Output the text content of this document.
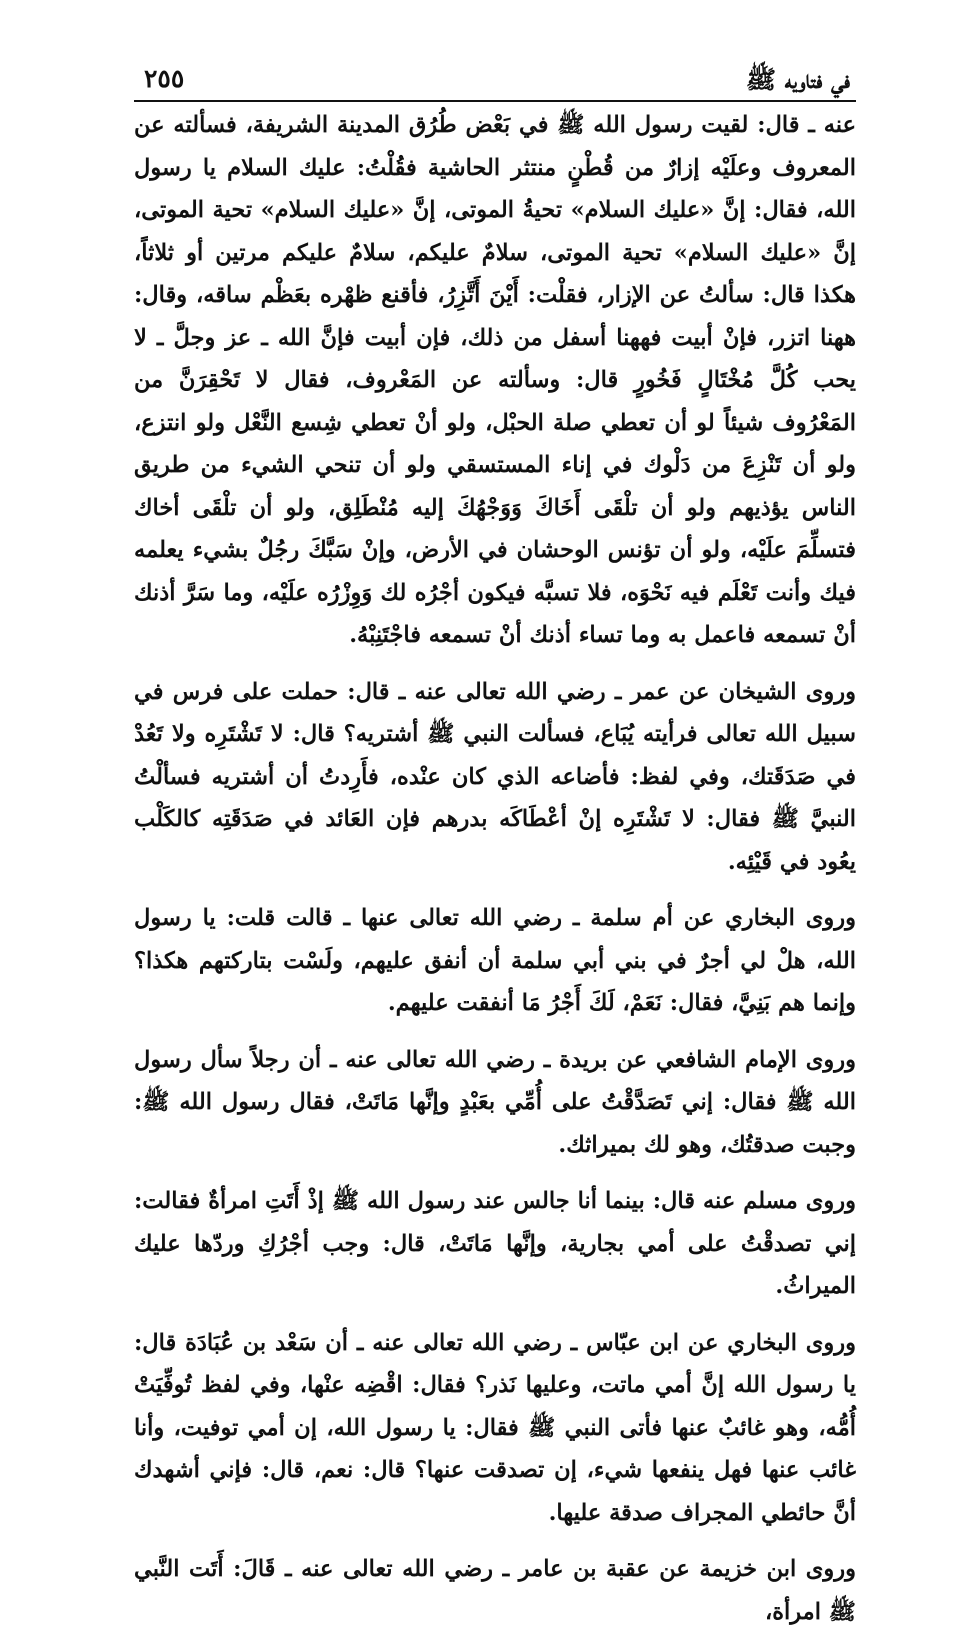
في فتاويه ﷺ
٢٥٥

عنه ـ قال: لقيت رسول الله ﷺ في بَعْض طُرُق المدينة الشريفة، فسألته عن المعروف وعلَيْه إزارٌ من قُطْنٍ منتثر الحاشية فقُلْتُ: عليك السلام يا رسول الله، فقال: إنَّ «عليك السلام» تحيةُ الموتى، إنَّ «عليك السلام» تحية الموتى، إنَّ «عليك السلام» تحية الموتى، سلامٌ عليكم، سلامٌ عليكم مرتين أو ثلاثاً، هكذا قال: سألتُ عن الإزار، فقلْت: أَيْنَ أَتَّزِرُ، فأقنع ظهْره بعَظْم ساقه، وقال: ههنا اتزر، فإنْ أبيت فههنا أسفل من ذلك، فإن أبيت فإنَّ الله ـ عز وجلَّ ـ لا يحب كُلَّ مُخْتَالٍ فَخُورٍ قال: وسألته عن المَعْروف، فقال لا تَحْقِرَنَّ من المَعْرُوف شيئاً لو أن تعطي صلة الحبْل، ولو أنْ تعطي شِسع النَّعْل ولو انتزع، ولو أن تَنْزِعَ من دَلْوك في إناء المستسقي ولو أن تنحي الشيء من طريق الناس يؤذيهم ولو أن تلْقَى أَخَاكَ وَوَجْهُكَ إليه مُنْطَلِق، ولو أن تلْقَى أخاك فتسلِّمَ علَيْه، ولو أن تؤنس الوحشان في الأرض، وإنْ سَبَّكَ رجُلٌ بشيء يعلمه فيك وأنت تَعْلَم فيه نَحْوَه، فلا تسبَّه فيكون أجْرُه لك وَوِزْرُه علَيْه، وما سَرَّ أذنك أنْ تسمعه فاعمل به وما تساء أذنك أنْ تسمعه فاجْتَنِبْهُ.

وروى الشيخان عن عمر ـ رضي الله تعالى عنه ـ قال: حملت على فرس في سبيل الله تعالى فرأيته يُبَاع، فسألت النبي ﷺ أشتريه؟ قال: لا تَشْتَرِه ولا تَعُدْ في صَدَقَتك، وفي لفظ: فأضاعه الذي كان عنْده، فأَرِدتُ أن أشتريه فسألْتُ النبيَّ ﷺ فقال: لا تَشْتَرِه إنْ أعْطَاكَه بدرهم فإن العَائد في صَدَقَتِه كالكَلْب يعُود في قَيْئِه.

وروى البخاري عن أم سلمة ـ رضي الله تعالى عنها ـ قالت قلت: يا رسول الله، هلْ لي أجرٌ في بني أبي سلمة أن أنفق عليهم، ولَسْت بتاركتهم هكذا؟ وإنما هم بَنِيَّ، فقال: نَعَمْ، لَكَ أَجْرُ مَا أنفقت عليهم.

وروى الإمام الشافعي عن بريدة ـ رضي الله تعالى عنه ـ أن رجلاً سأل رسول الله ﷺ فقال: إني تَصَدَّقْتُ على أُمِّي بعَبْدٍ وإنَّها مَاتَتْ، فقال رسول الله ﷺ: وجبت صدقتُك، وهو لك بميراثك.

وروى مسلم عنه قال: بينما أنا جالس عند رسول الله ﷺ إذْ أَتَتِ امرأةٌ فقالت: إني تصدقْتُ على أمي بجارية، وإنَّها مَاتَتْ، قال: وجب أجْرُكِ وردّها عليك الميراثُ.

وروى البخاري عن ابن عبّاس ـ رضي الله تعالى عنه ـ أن سَعْد بن عُبَادَة قال: يا رسول الله إنَّ أمي ماتت، وعليها نَذر؟ فقال: اقْضِه عنْها، وفي لفظ تُوفِّيَتْ أُمُّه، وهو غائبٌ عنها فأتى النبي ﷺ فقال: يا رسول الله، إن أمي توفيت، وأنا غائب عنها فهل ينفعها شيء، إن تصدقت عنها؟ قال: نعم، قال: فإني أشهدك أنَّ حائطي المجراف صدقة عليها.

وروى ابن خزيمة عن عقبة بن عامر ـ رضي الله تعالى عنه ـ قَالَ: أَتَت النَّبي ﷺ امرأة،
